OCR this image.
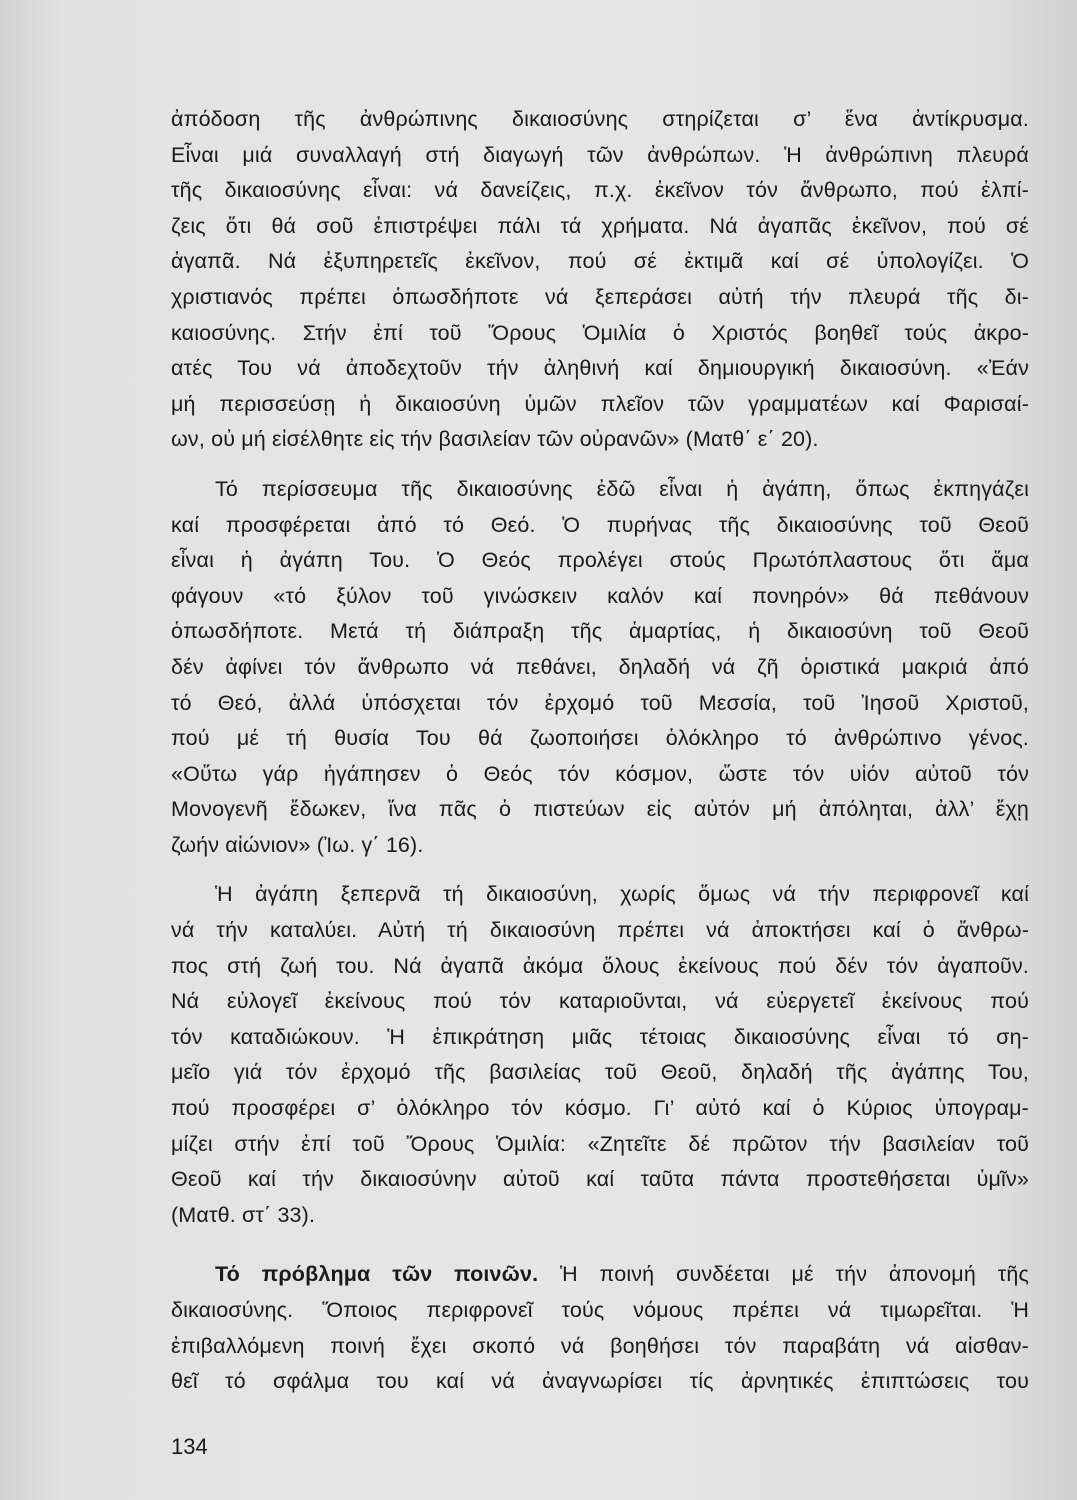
ἀπόδοση τῆς ἀνθρώπινης δικαιοσύνης στηρίζεται σ’ ἕνα ἀντίκρυσμα.
Εἶναι μιά συναλλαγή στή διαγωγή τῶν ἀνθρώπων. Ἡ ἀνθρώπινη πλευρά
τῆς δικαιοσύνης εἶναι: νά δανείζεις, π.χ. ἐκεῖνον τόν ἄνθρωπο, πού ἐλπί-
ζεις ὅτι θά σοῦ ἐπιστρέψει πάλι τά χρήματα. Νά ἀγαπᾶς ἐκεῖνον, πού σέ
ἀγαπᾶ. Νά ἐξυπηρετεῖς ἐκεῖνον, πού σέ ἐκτιμᾶ καί σέ ὑπολογίζει. Ὁ
χριστιανός πρέπει ὁπωσδήποτε νά ξεπεράσει αὐτή τήν πλευρά τῆς δι-
καιοσύνης. Στήν ἐπί τοῦ Ὄρους Ὁμιλία ὁ Χριστός βοηθεῖ τούς ἀκρο-
ατές Του νά ἀποδεχτοῦν τήν ἀληθινή καί δημιουργική δικαιοσύνη. «Ἐάν
μή περισσεύσῃ ἡ δικαιοσύνη ὑμῶν πλεῖον τῶν γραμματέων καί Φαρισαί-
ων, οὐ μή εἰσέλθητε εἰς τήν βασιλείαν τῶν οὐρανῶν» (Ματθ΄ ε΄ 20).
Τό περίσσευμα τῆς δικαιοσύνης ἐδῶ εἶναι ἡ ἀγάπη, ὅπως ἐκπηγάζει
καί προσφέρεται ἀπό τό Θεό. Ὁ πυρήνας τῆς δικαιοσύνης τοῦ Θεοῦ
εἶναι ἡ ἀγάπη Του. Ὁ Θεός προλέγει στούς Πρωτόπλαστους ὅτι ἅμα
φάγουν «τό ξύλον τοῦ γινώσκειν καλόν καί πονηρόν» θά πεθάνουν
ὁπωσδήποτε. Μετά τή διάπραξη τῆς ἁμαρτίας, ἡ δικαιοσύνη τοῦ Θεοῦ
δέν ἀφίνει τόν ἄνθρωπο νά πεθάνει, δηλαδή νά ζῆ ὁριστικά μακριά ἀπό
τό Θεό, ἀλλά ὑπόσχεται τόν ἐρχομό τοῦ Μεσσία, τοῦ Ἰησοῦ Χριστοῦ,
πού μέ τή θυσία Του θά ζωοποιήσει ὁλόκληρο τό ἀνθρώπινο γένος.
«Οὕτω γάρ ἠγάπησεν ὁ Θεός τόν κόσμον, ὥστε τόν υἱόν αὐτοῦ τόν
Μονογενῆ ἔδωκεν, ἵνα πᾶς ὁ πιστεύων εἰς αὐτόν μή ἀπόληται, ἀλλ’ ἔχῃ
ζωήν αἰώνιον» (Ἰω. γ΄ 16).
Ἡ ἀγάπη ξεπερνᾶ τή δικαιοσύνη, χωρίς ὅμως νά τήν περιφρονεῖ καί
νά τήν καταλύει. Αὐτή τή δικαιοσύνη πρέπει νά ἀποκτήσει καί ὁ ἄνθρω-
πος στή ζωή του. Νά ἀγαπᾶ ἀκόμα ὅλους ἐκείνους πού δέν τόν ἀγαποῦν.
Νά εὐλογεῖ ἐκείνους πού τόν καταριοῦνται, νά εὐεργετεῖ ἐκείνους πού
τόν καταδιώκουν. Ἡ ἐπικράτηση μιᾶς τέτοιας δικαιοσύνης εἶναι τό ση-
μεῖο γιά τόν ἐρχομό τῆς βασιλείας τοῦ Θεοῦ, δηλαδή τῆς ἀγάπης Του,
πού προσφέρει σ’ ὁλόκληρο τόν κόσμο. Γι’ αὐτό καί ὁ Κύριος ὑπογραμ-
μίζει στήν ἐπί τοῦ Ὄρους Ὁμιλία: «Ζητεῖτε δέ πρῶτον τήν βασιλείαν τοῦ
Θεοῦ καί τήν δικαιοσύνην αὐτοῦ καί ταῦτα πάντα προστεθήσεται ὑμῖν»
(Ματθ. στ΄ 33).
Τό πρόβλημα τῶν ποινῶν. Ἡ ποινή συνδέεται μέ τήν ἀπονομή τῆς
δικαιοσύνης. Ὅποιος περιφρονεῖ τούς νόμους πρέπει νά τιμωρεῖται. Ἡ
ἐπιβαλλόμενη ποινή ἔχει σκοπό νά βοηθήσει τόν παραβάτη νά αἰσθαν-
θεῖ τό σφάλμα του καί νά ἀναγνωρίσει τίς ἀρνητικές ἐπιπτώσεις του
134
